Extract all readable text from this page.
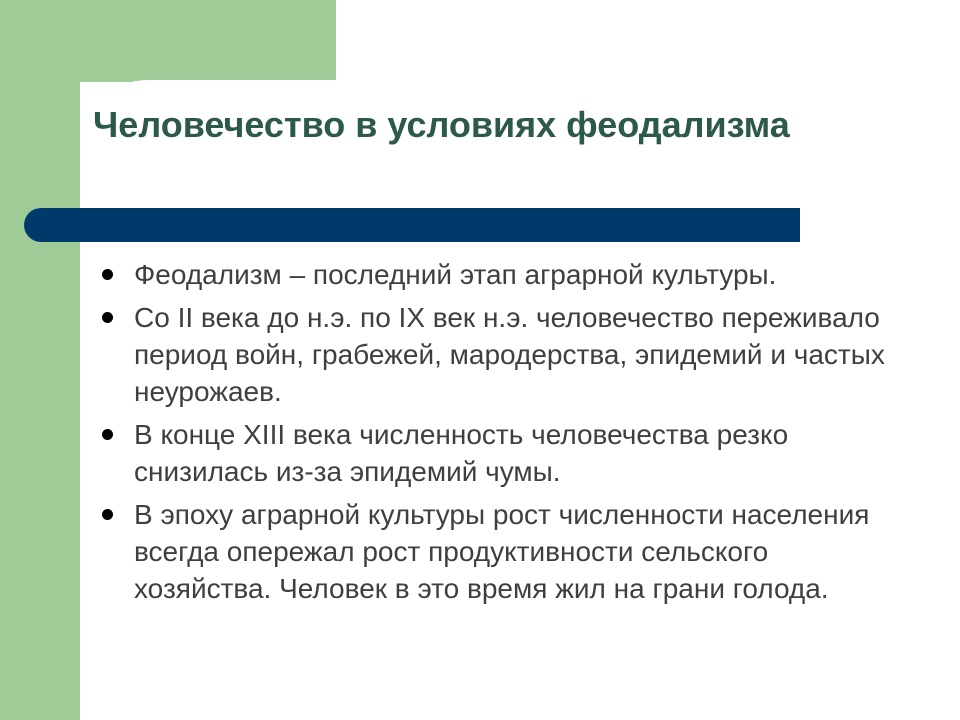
Человечество в условиях феодализма
Феодализм – последний этап аграрной культуры.
Со II века до н.э. по IX век н.э. человечество переживало период войн, грабежей, мародерства, эпидемий и частых неурожаев.
В конце XIII века численность человечества резко снизилась из-за эпидемий чумы.
В эпоху аграрной культуры рост численности населения всегда опережал рост продуктивности сельского хозяйства. Человек в это время жил на грани голода.
